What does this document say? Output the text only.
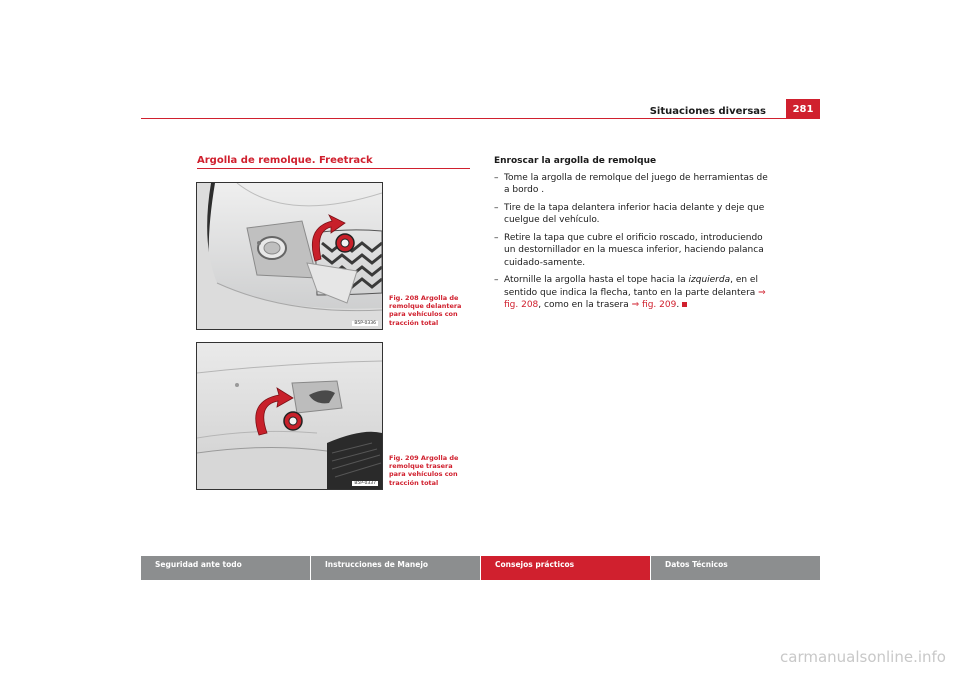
Situaciones diversas	281
Argolla de remolque. Freetrack
B5P-0336
Fig. 208 Argolla de remolque delantera para vehículos con tracción total
B5P-0337
Fig. 209 Argolla de remolque trasera para vehículos con tracción total
Enroscar la argolla de remolque
– Tome la argolla de remolque del juego de herramientas de a bordo .
– Tire de la tapa delantera inferior hacia delante y deje que cuelgue del vehículo.
– Retire la tapa que cubre el orificio roscado, introduciendo un destornillador en la muesca inferior, haciendo palanca cuidado-samente.
– Atornille la argolla hasta el tope hacia la izquierda, en el sentido que indica la flecha, tanto en la parte delantera ⇒ fig. 208, como en la trasera ⇒ fig. 209.
Seguridad ante todo	Instrucciones de Manejo	Consejos prácticos	Datos Técnicos
carmanualsonline.info
